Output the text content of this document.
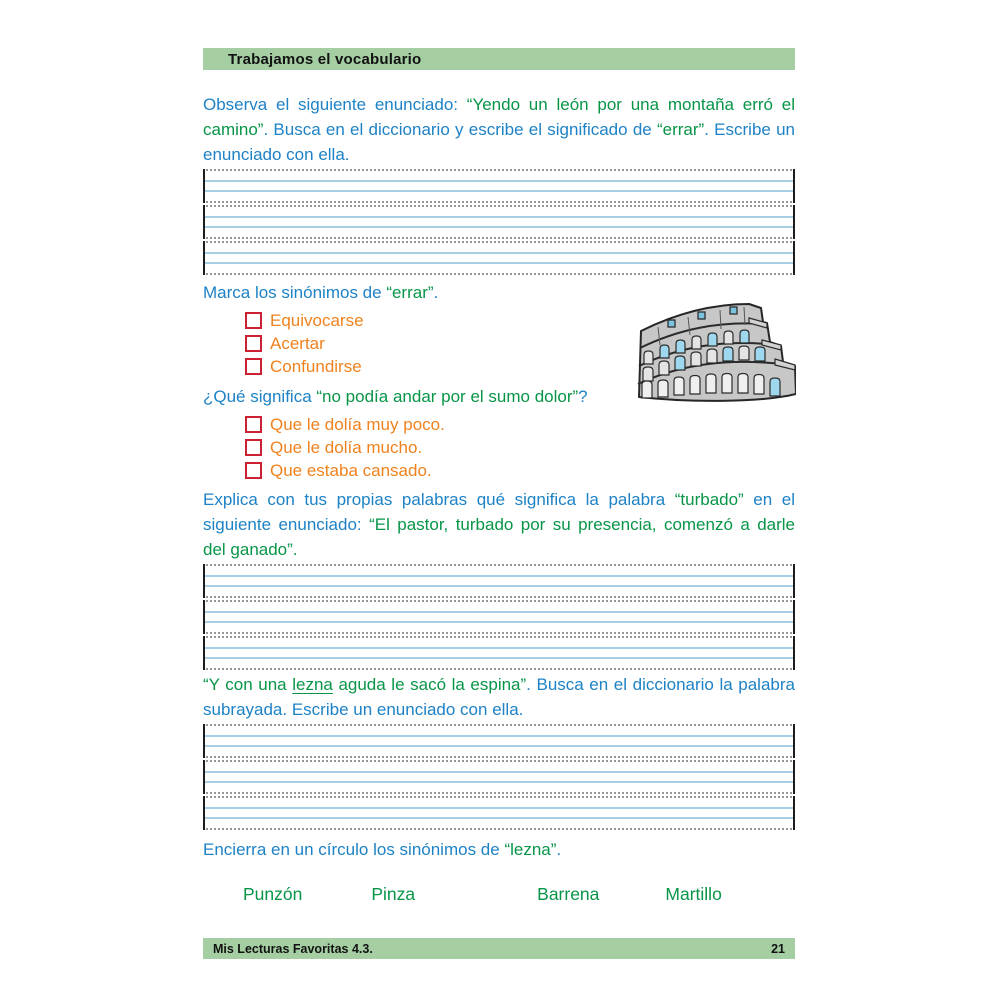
Trabajamos el vocabulario

Observa el siguiente enunciado: “Yendo un león por una montaña erró el camino”. Busca en el diccionario y escribe el significado de “errar”. Escribe un enunciado con ella.

Marca los sinónimos de “errar”.

Equivocarse
Acertar
Confundirse

¿Qué significa “no podía andar por el sumo dolor”?

Que le dolía muy poco.
Que le dolía mucho.
Que estaba cansado.

Explica con tus propias palabras qué significa la palabra “turbado” en el siguiente enunciado: “El pastor, turbado por su presencia, comenzó a darle del ganado”.

“Y con una lezna aguda le sacó la espina”. Busca en el diccionario la palabra subrayada. Escribe un enunciado con ella.

Encierra en un círculo los sinónimos de “lezna”.

Punzón	Pinza	Barrena	Martillo
Mis Lecturas Favoritas 4.3.	21
